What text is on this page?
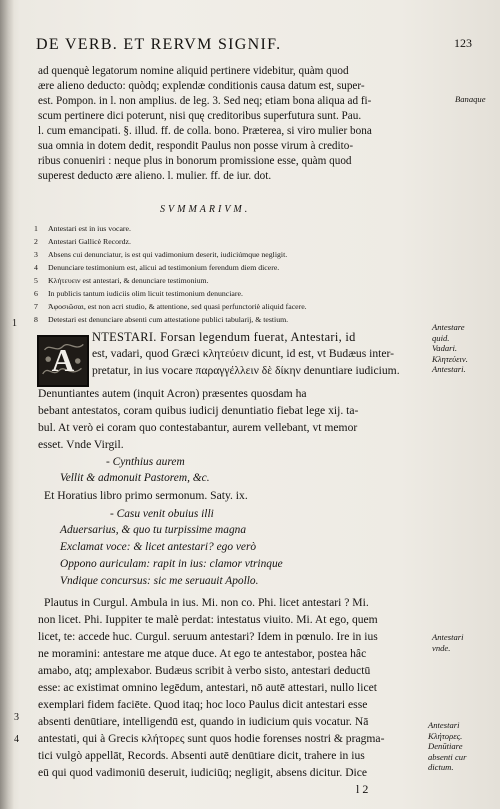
DE VERB. ET RERVM SIGNIF.	123
ad quenquè legatorum nomine aliquid pertinere videbitur, quàm quod
ære alieno deducto: quòdq; explendæ conditionis causa datum est, super-
est. Pompon. in l. non amplius. de leg. 3. Sed neq; etiam bona aliqua ad fi-
scum pertinere dici poterunt, nisi quę creditoribus superfutura sunt. Pau.
l. cum emancipati. §. illud. ff. de colla. bono. Præterea, si viro mulier bona
sua omnia in dotem dedit, respondit Paulus non posse virum à credito-
ribus conueniri : neque plus in bonorum promissione esse, quàm quod
superest deducto ære alieno. l. mulier. ff. de iur. dot.
Banaque
SVMMARIVM.
1 Antestari est in ius vocare.
2 Antestari Gallicè Recordz.
3 Absens cui denunciatur, is est qui vadimonium deserit, iudiciúmque negligit.
4 Denunciare testimonium est, alicui ad testimonium ferendum diem dicere.
5 Κλήτευειν est antestari, & denunciare testimonium.
6 In publicis tantum iudiciis olim licuit testimonium denunciare.
7 Ἀφοσιῶσαι, est non acri studio, & attentione, sed quasi perfunctoriè aliquid facere.
8 Detestari est denunciare absenti cum attestatione publici tabularij, & testium.
1
A
NTESTARI. Forsan legendum fuerat, Antestari, id
est, vadari, quod Græci κλητεύειν dicunt, id est, vt Budæus inter-
pretatur, in ius vocare παραγγέλλειν δὲ δίκην denuntiare iudicium.
Denuntiantes autem (inquit Acron) præsentes quosdam ha
bebant antestatos, coram quibus iudicij denuntiatio fiebat lege xij. ta-
bul. At verò ei coram quo contestabantur, aurem vellebant, vt memor
esset. Vnde Virgil.
- Cynthius aurem
Vellit & admonuit Pastorem, &c.
Et Horatius libro primo sermonum. Saty. ix.
- Casu venit obuius illi
Aduersarius, & quo tu turpissime magna
Exclamat voce: & licet antestari? ego verò
Oppono auriculam: rapit in ius: clamor vtrinque
Vndique concursus: sic me seruauit Apollo.
Plautus in Curgul. Ambula in ius. Mi. non co. Phi. licet antestari ? Mi.
non licet. Phi. Iuppiter te malè perdat: intestatus viuito. Mi. At ego, quem
licet, te: accede huc. Curgul. seruum antestari? Idem in pœnulo. Ire in ius
ne moramini: antestare me atque duce. At ego te antestabor, postea hâc
amabo, atq; amplexabor. Budæus scribit à verbo sisto, antestari deductū
esse: ac existimat omnino legēdum, antestari, nō autē attestari, nullo licet
exemplari fidem faciēte. Quod itaq; hoc loco Paulus dicit antestari esse
absenti denūtiare, intelligendū est, quando in iudicium quis vocatur. Nā
antestati, qui à Grecis κλήτορες sunt quos hodie forenses nostri & pragma-
tici vulgò appellāt, Records. Absenti autē denūtiare dicit, trahere in ius
eū qui quod vadimoniū deseruit, iudiciūq; negligit, absens dicitur. Dice
Antestare
quid.
Vadari.
Κλητεύειν.
Antestari.
Antestari
vnde.
Antestari
Κλήτορες.
Denūtiare
absenti cur
dictum.
3
4
l 2
